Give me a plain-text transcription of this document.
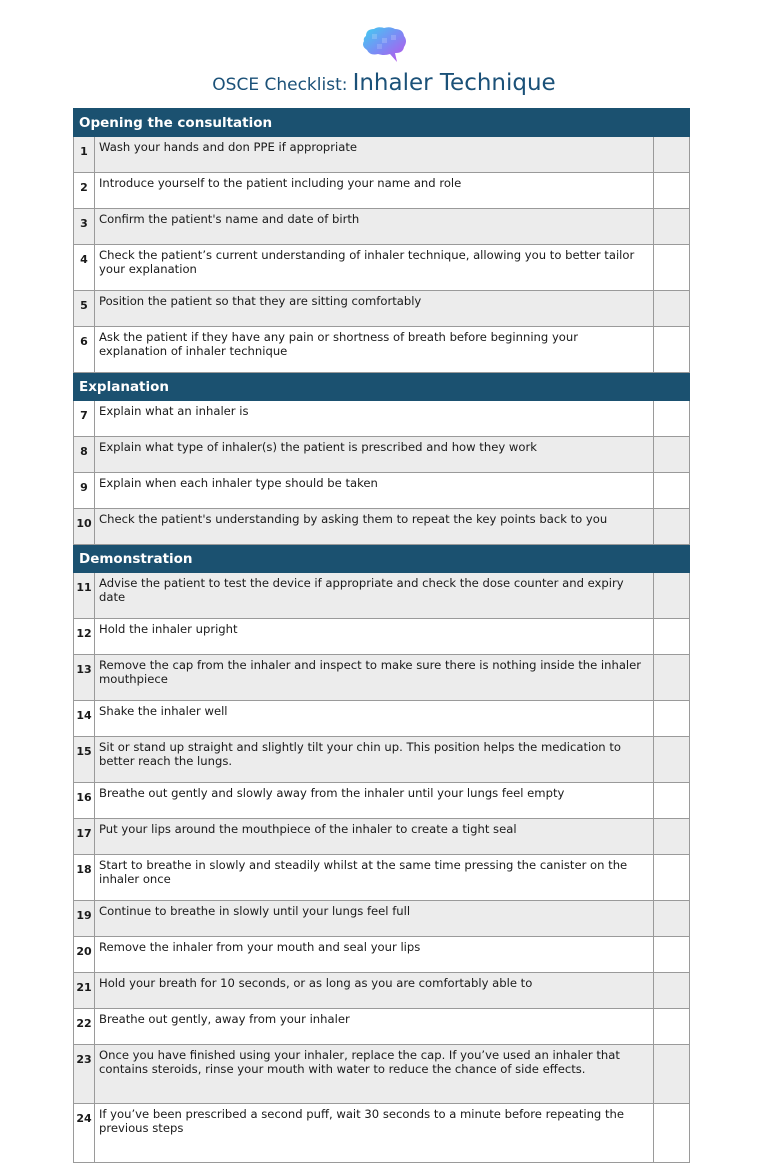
OSCE Checklist: Inhaler Technique
Opening the consultation		
1	Wash your hands and don PPE if appropriate	
2	Introduce yourself to the patient including your name and role	
3	Confirm the patient's name and date of birth	
4	Check the patient’s current understanding of inhaler technique, allowing you to better tailor your explanation	
5	Position the patient so that they are sitting comfortably	
6	Ask the patient if they have any pain or shortness of breath before beginning your explanation of inhaler technique	
Explanation		
7	Explain what an inhaler is	
8	Explain what type of inhaler(s) the patient is prescribed and how they work	
9	Explain when each inhaler type should be taken	
10	Check the patient's understanding by asking them to repeat the key points back to you	
Demonstration		
11	Advise the patient to test the device if appropriate and check the dose counter and expiry date	
12	Hold the inhaler upright	
13	Remove the cap from the inhaler and inspect to make sure there is nothing inside the inhaler mouthpiece	
14	Shake the inhaler well	
15	Sit or stand up straight and slightly tilt your chin up. This position helps the medication to better reach the lungs.	
16	Breathe out gently and slowly away from the inhaler until your lungs feel empty	
17	Put your lips around the mouthpiece of the inhaler to create a tight seal	
18	Start to breathe in slowly and steadily whilst at the same time pressing the canister on the inhaler once	
19	Continue to breathe in slowly until your lungs feel full	
20	Remove the inhaler from your mouth and seal your lips	
21	Hold your breath for 10 seconds, or as long as you are comfortably able to	
22	Breathe out gently, away from your inhaler	
23	Once you have finished using your inhaler, replace the cap. If you’ve used an inhaler that contains steroids, rinse your mouth with water to reduce the chance of side effects.	
24	If you’ve been prescribed a second puff, wait 30 seconds to a minute before repeating the previous steps	
